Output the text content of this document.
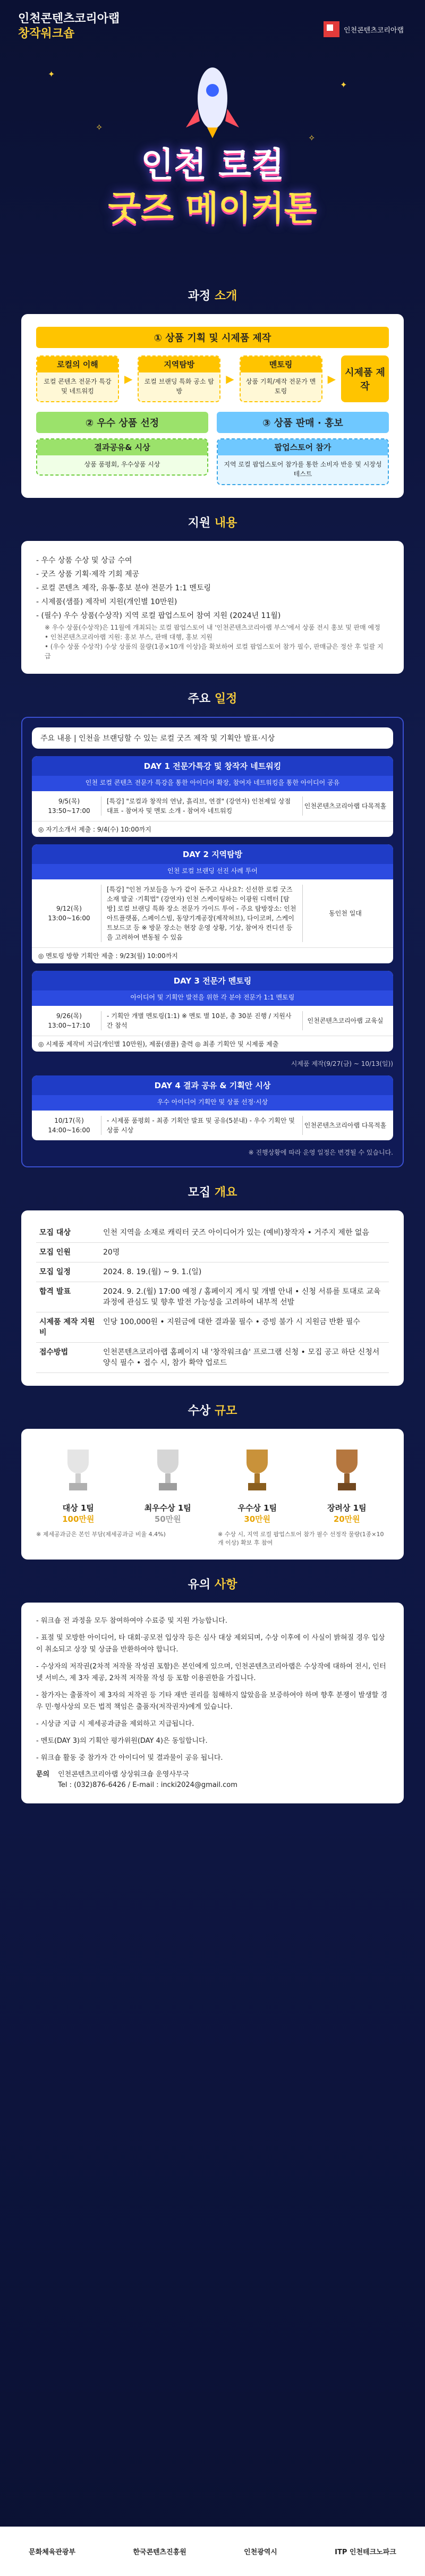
인천콘텐츠코리아랩
창작워크숍	인천콘텐츠코리아랩
✦
✦
✧
✧
인천 로컬
굿즈 메이커톤
과정 소개
① 상품 기획 및 시제품 제작
로컬의 이해
로컬 콘텐츠 전문가 특강 및 네트워킹
▶
지역탐방
로컬 브랜딩 특화 공소 탐방
▶
멘토링
상품 기획/제작 전문가 멘토링
▶ 시제품 제작
② 우수 상품 선정
결과공유& 시상
상품 품평회, 우수상품 시상
③ 상품 판매 · 홍보
팝업스토어 참가
지역 로컬 팝업스토어 참가를 통한 소비자 반응 및 시장성 테스트
지원 내용
- 우수 상품 수상 및 상금 수여
- 굿즈 상품 기획·제작 기회 제공
- 로컬 콘텐츠 제작, 유통·홍보 분야 전문가 1:1 멘토링
- 시제품(샘플) 제작비 지원(개인별 10만원)
- (필수) 우수 상품(수상작) 지역 로컬 팝업스토어 참여 지원 (2024년 11월)
※ 우수 상품(수상작)은 11월에 개최되는 로컬 팝업스토어 내 '인천콘텐츠코리아랩 부스'에서 상품 전시 홍보 및 판매 예정
• 인천콘텐츠코리아랩 지원: 홍보 부스, 판매 대행, 홍보 지원
• (우수 상품 수상작) 수상 상품의 물량(1종×10개 이상)을 확보하여 로컬 팝업스토어 참가 필수, 판매금은 정산 후 일괄 지급
주요 일정
주요 내용 | 인천을 브랜딩할 수 있는 로컬 굿즈 제작 및 기획안 발표·시상
DAY 1 전문가특강 및 창작자 네트워킹
인천 로컬 콘텐츠 전문가 특강을 통한 아이디어 확장, 참여자 네트워킹을 통한 아이디어 공유
9/5(목) 13:50~17:00
[특강] "로컬과 창작의 연남, 흙리브, 연결" (강연자) 인천제일 상점 대표 - 참여자 및 멘토 소개 - 참여자 네트워킹
인천콘텐츠코리아랩 다목적홀
◎ 자기소개서 제출 : 9/4(수) 10:00까지
DAY 2 지역탐방
인천 로컬 브랜딩 선진 사례 투어
9/12(목) 13:00~16:00
[특강] "인천 가보들을 누가 같이 돈주고 사나요?: 신선한 로컬 굿즈 소재 발굴 ·기획법" (강연자) 인천 스케이팅하는 이광원 디렉터 [탐방] 로컬 브랜딩 특화 장소 전문가 가이드 투어 - 주요 탐방장소: 인천아트플랫폼, 스페이스빔, 동양기계공장(제작허브), 다이코퍼, 스케이트보드코 등 ※ 방문 장소는 현장 운영 상황, 기상, 참여자 컨디션 등을 고려하여 변동될 수 있음
동인천 일대
◎ 멘토링 방향 기획안 제출 : 9/23(월) 10:00까지
DAY 3 전문가 멘토링
아이디어 및 기획안 발전을 위한 각 분야 전문가 1:1 멘토링
9/26(목) 13:00~17:10
- 기획안 개별 멘토링(1:1) ※ 멘토 별 10분, 총 30분 진행 / 지원사 간 참석
인천콘텐츠코리아랩 교육실
◎ 시제품 제작비 지급(개인별 10만원), 제품(샘플) 출력 ◎ 최종 기획안 및 시제품 제출
시제품 제작(9/27(금) ~ 10/13(일))
DAY 4 결과 공유 & 기획안 시상
우수 아이디어 기획안 및 상품 선정·시상
10/17(목) 14:00~16:00
- 시제품 품평회 - 최종 기획안 발표 및 공유(5분내) - 우수 기획안 및 상품 시상
인천콘텐츠코리아랩 다목적홀
※ 진행상황에 따라 운영 일정은 변경될 수 있습니다.
모집 개요
모집 대상	인천 지역을 소재로 캐릭터 굿즈 아이디어가 있는 (예비)창작자 • 거주지 제한 없음
모집 인원	20명
모집 일정	2024. 8. 19.(월) ~ 9. 1.(일)
합격 발표	2024. 9. 2.(월) 17:00 예정 / 홈페이지 게시 및 개별 안내 • 신청 서류를 토대로 교육과정에 관심도 및 향후 발전 가능성을 고려하여 내부적 선발
시제품 제작 지원비	인당 100,000원 • 지원금에 대한 결과물 필수 • 증빙 불가 시 지원금 반환 필수
접수방법	인천콘텐츠코리아랩 홈페이지 내 '창작워크숍' 프로그램 신청 • 모집 공고 하단 신청서 양식 필수 • 접수 시, 참가 확약 업로드
수상 규모
대상 1팀
100만원
최우수상 1팀
50만원
우수상 1팀
30만원
장려상 1팀
20만원
※ 제세공과금은 본인 부담(제세공과금 비율 4.4%)	※ 수상 시, 지역 로컬 팝업스토어 참가 필수 선정작 물량(1종×10개 이상) 확보 후 참여
유의 사항
- 워크숍 전 과정을 모두 참여하여야 수료증 및 지원 가능합니다.
- 표절 및 모방한 아이디어, 타 대회·공모전 입상작 등은 심사 대상 제외되며, 수상 이후에 이 사실이 밝혀질 경우 입상이 취소되고 상장 및 상금을 반환하여야 합니다.
- 수상자의 저작권(2차적 저작물 작성권 포함)은 본인에게 있으며, 인천콘텐츠코리아랩은 수상작에 대하여 전시, 인터넷 서비스, 제 3자 제공, 2차적 저작물 작성 등 포함 이용권한을 가집니다.
- 참가자는 출품작이 제 3자의 저작권 등 기타 재반 권리를 침해하지 않았음을 보증하여야 하며 향후 분쟁이 발생할 경우 민·형사상의 모든 법적 책임은 출품자(저작권자)에게 있습니다.
- 시상금 지급 시 제세공과금을 제외하고 지급됩니다.
- 멘토(DAY 3)의 기획안 평가위원(DAY 4)은 동일합니다.
- 워크숍 활동 중 참가자 간 아이디어 및 결과물이 공유 됩니다.
문의 인천콘텐츠코리아랩 상상워크숍 운영사무국
Tel : (032)876-6426 / E-mail : incki2024@gmail.com
문화체육관광부	한국콘텐츠진흥원	인천광역시	ITP 인천테크노파크
